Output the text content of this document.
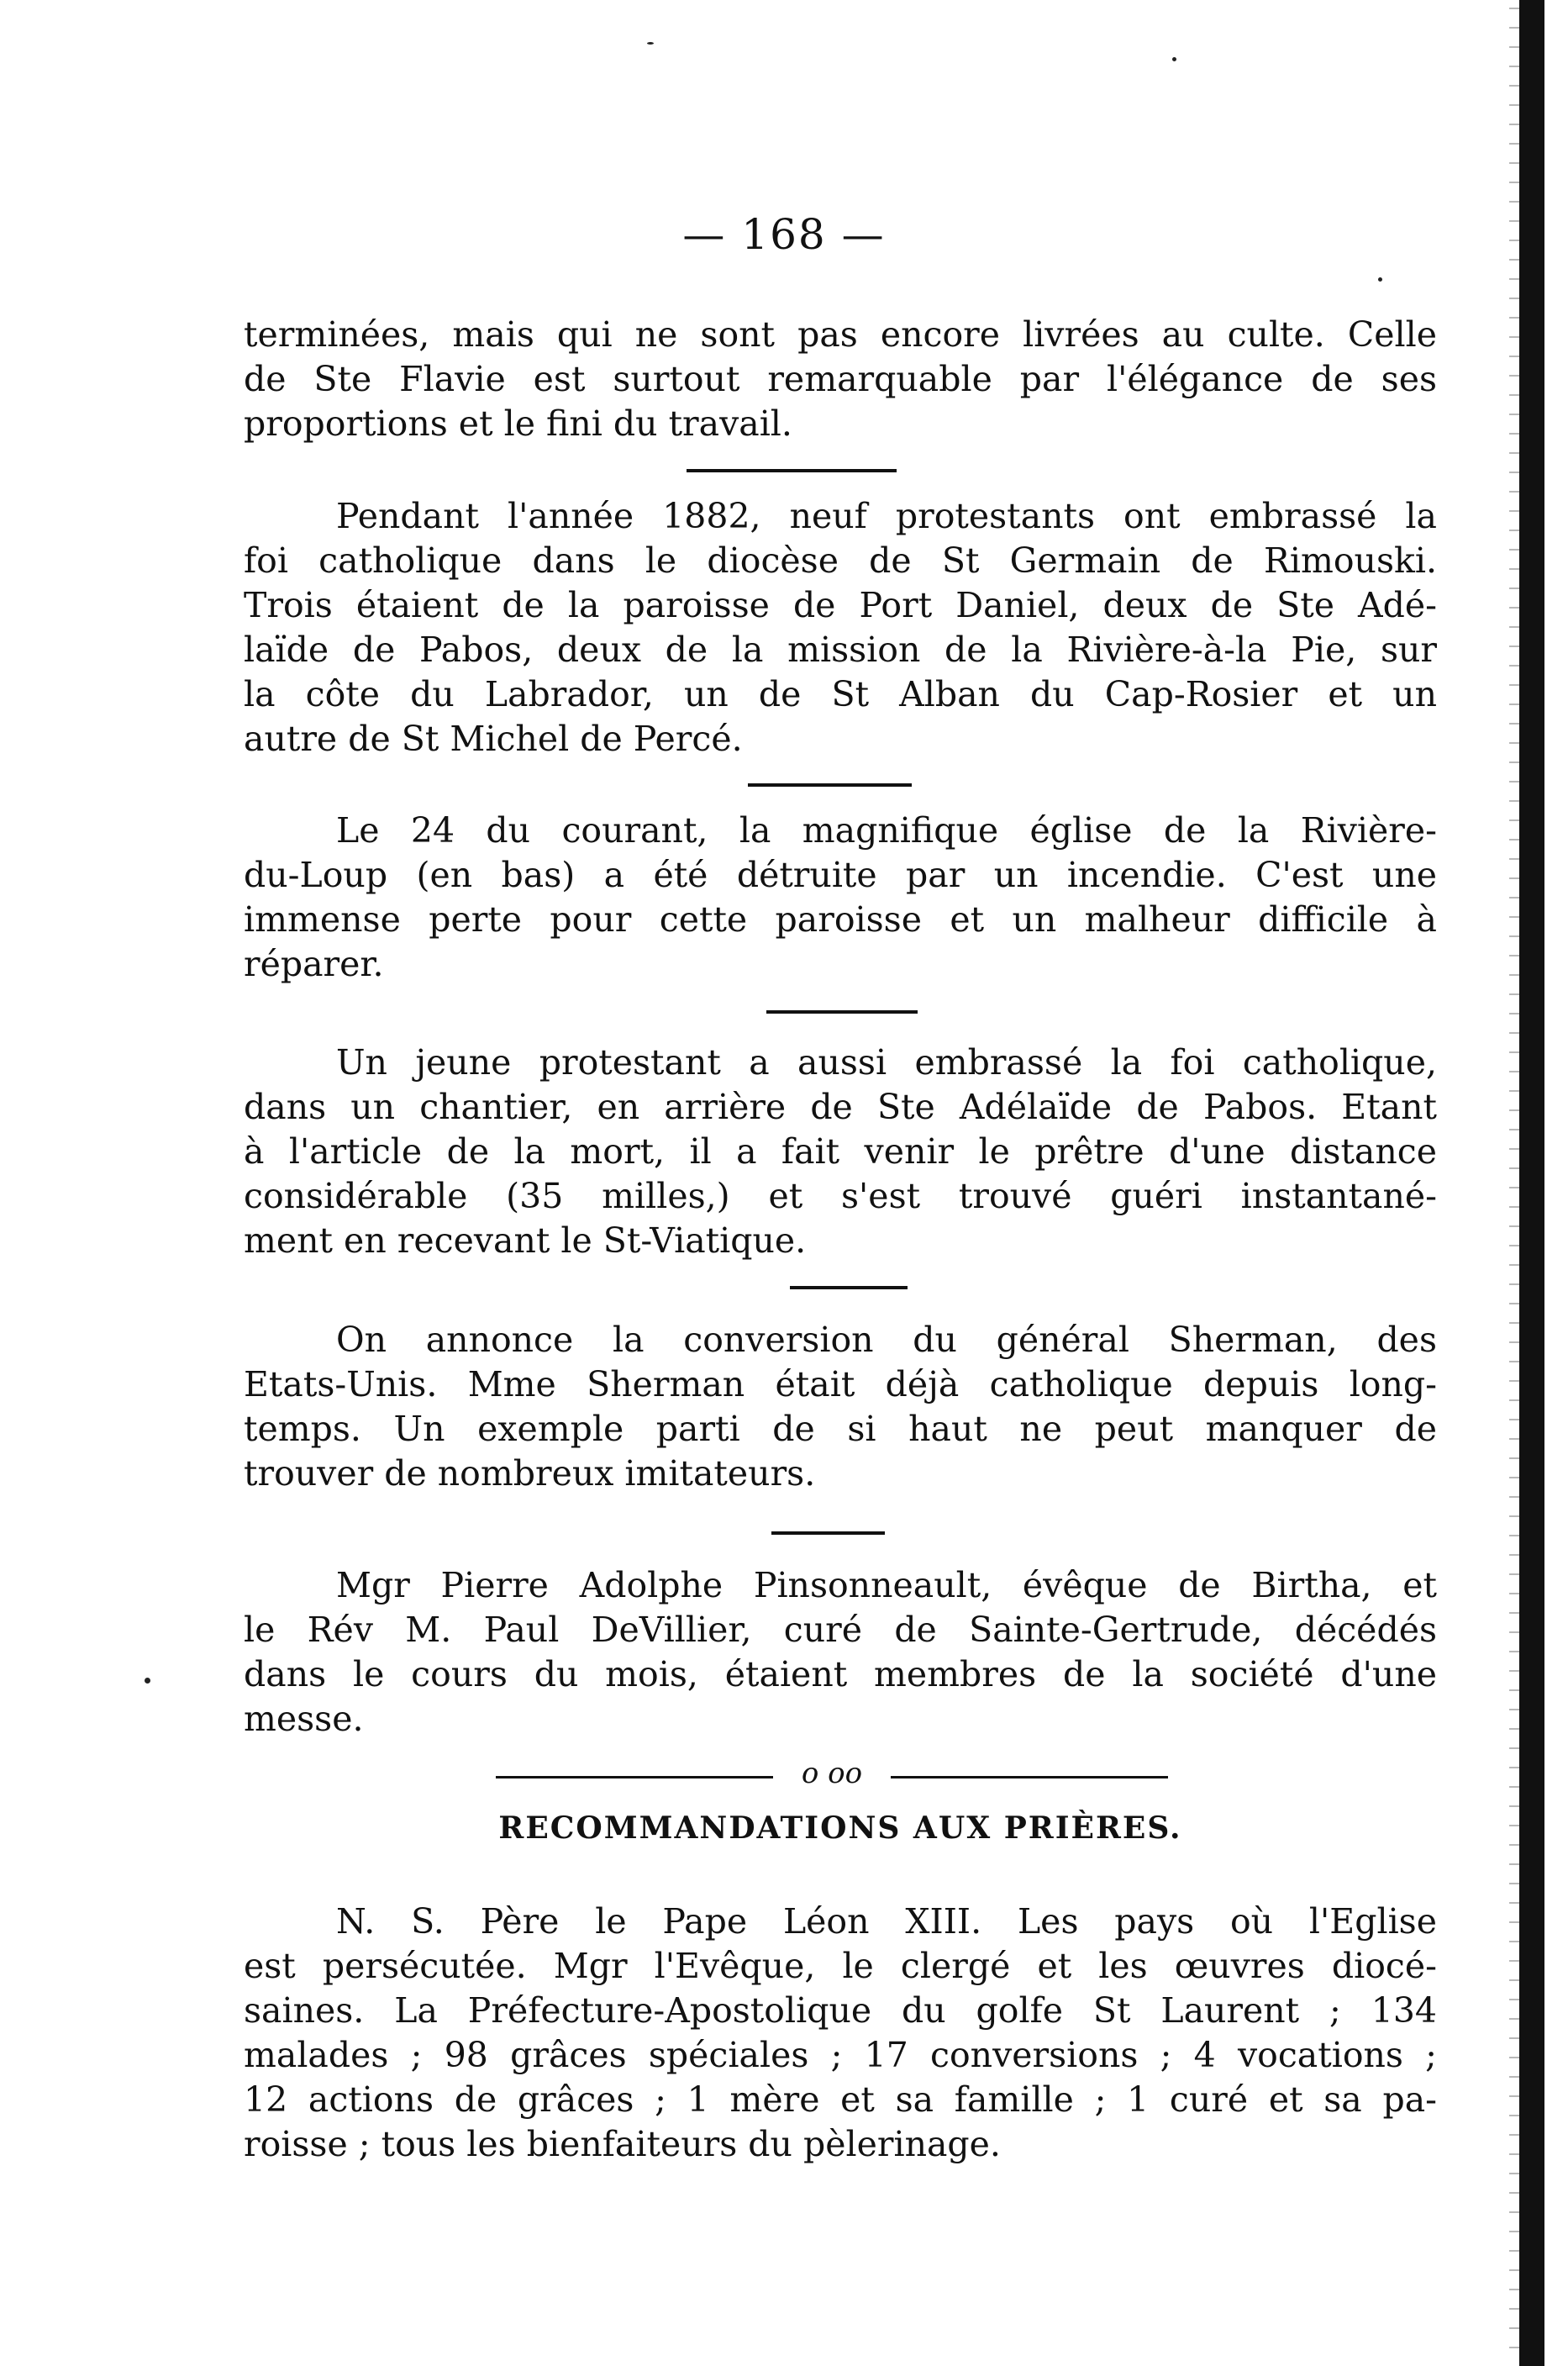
— 168 —
terminées, mais qui ne sont pas encore livrées au culte. Celle
de Ste Flavie est surtout remarquable par l'élégance de ses
proportions et le fini du travail.
Pendant l'année 1882, neuf protestants ont embrassé la
foi catholique dans le diocèse de St Germain de Rimouski.
Trois étaient de la paroisse de Port Daniel, deux de Ste Adé-
laïde de Pabos, deux de la mission de la Rivière-à-la Pie, sur
la côte du Labrador, un de St Alban du Cap-Rosier et un
autre de St Michel de Percé.
Le 24 du courant, la magnifique église de la Rivière-
du-Loup (en bas) a été détruite par un incendie. C'est une
immense perte pour cette paroisse et un malheur difficile à
réparer.
Un jeune protestant a aussi embrassé la foi catholique,
dans un chantier, en arrière de Ste Adélaïde de Pabos. Etant
à l'article de la mort, il a fait venir le prêtre d'une distance
considérable (35 milles,) et s'est trouvé guéri instantané-
ment en recevant le St-Viatique.
On annonce la conversion du général Sherman, des
Etats-Unis. Mme Sherman était déjà catholique depuis long-
temps. Un exemple parti de si haut ne peut manquer de
trouver de nombreux imitateurs.
Mgr Pierre Adolphe Pinsonneault, évêque de Birtha, et
le Rév M. Paul DeVillier, curé de Sainte-Gertrude, décédés
dans le cours du mois, étaient membres de la société d'une
messe.
o oo
RECOMMANDATIONS AUX PRIÈRES.
N. S. Père le Pape Léon XIII. Les pays où l'Eglise
est persécutée. Mgr l'Evêque, le clergé et les œuvres diocé-
saines. La Préfecture-Apostolique du golfe St Laurent ; 134
malades ; 98 grâces spéciales ; 17 conversions ; 4 vocations ;
12 actions de grâces ; 1 mère et sa famille ; 1 curé et sa pa-
roisse ; tous les bienfaiteurs du pèlerinage.
